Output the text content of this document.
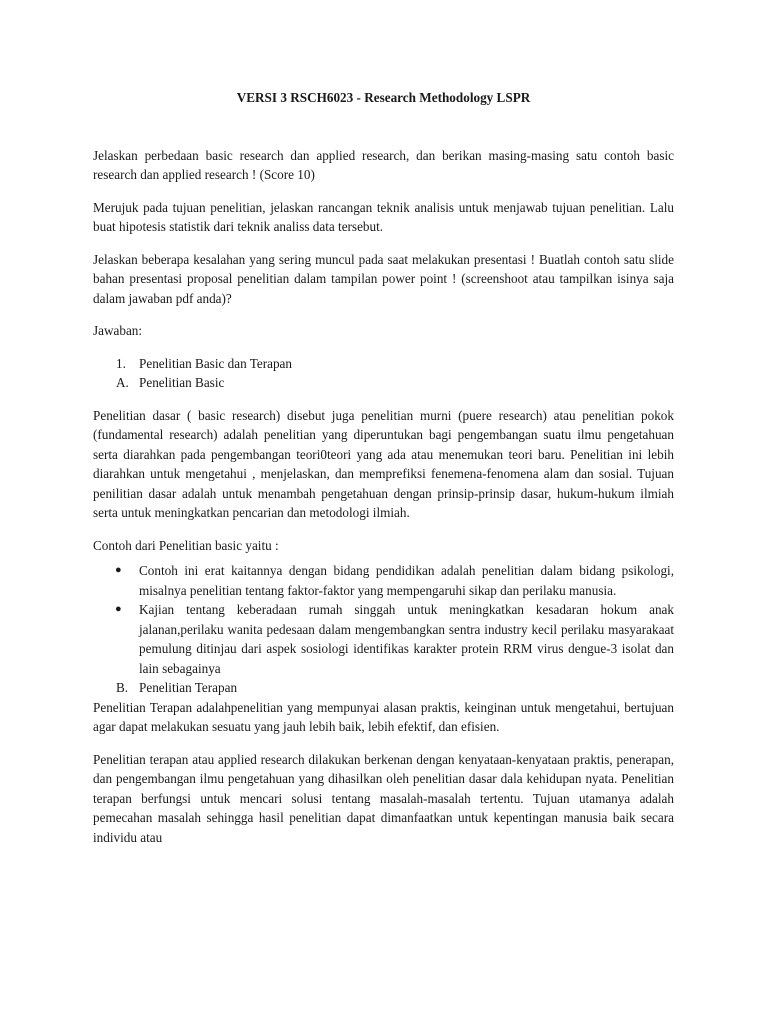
VERSI 3 RSCH6023 - Research Methodology LSPR

Jelaskan perbedaan basic research dan applied research, dan berikan masing-masing satu contoh basic research dan applied research ! (Score 10)

Merujuk pada tujuan penelitian, jelaskan rancangan teknik analisis untuk menjawab tujuan penelitian. Lalu buat hipotesis statistik dari teknik analiss data tersebut.

Jelaskan beberapa kesalahan yang sering muncul pada saat melakukan presentasi ! Buatlah contoh satu slide bahan presentasi proposal penelitian dalam tampilan power point ! (screenshoot atau tampilkan isinya saja dalam jawaban pdf anda)?

Jawaban:

1. Penelitian Basic dan Terapan
A. Penelitian Basic

Penelitian dasar ( basic research) disebut juga penelitian murni (puere research) atau penelitian pokok (fundamental research) adalah penelitian yang diperuntukan bagi pengembangan suatu ilmu pengetahuan serta diarahkan pada pengembangan teori0teori yang ada atau menemukan teori baru. Penelitian ini lebih diarahkan untuk mengetahui , menjelaskan, dan memprefiksi fenemena-fenomena alam dan sosial. Tujuan penilitian dasar adalah untuk menambah pengetahuan dengan prinsip-prinsip dasar, hukum-hukum ilmiah serta untuk meningkatkan pencarian dan metodologi ilmiah.

Contoh dari Penelitian basic yaitu :

● Contoh ini erat kaitannya dengan bidang pendidikan adalah penelitian dalam bidang psikologi, misalnya penelitian tentang faktor-faktor yang mempengaruhi sikap dan perilaku manusia.
● Kajian tentang keberadaan rumah singgah untuk meningkatkan kesadaran hokum anak jalanan,perilaku wanita pedesaan dalam mengembangkan sentra industry kecil perilaku masyarakaat pemulung ditinjau dari aspek sosiologi identifikas karakter protein RRM virus dengue-3 isolat dan lain sebagainya
B. Penelitian Terapan

Penelitian Terapan adalahpenelitian yang mempunyai alasan praktis, keinginan untuk mengetahui, bertujuan agar dapat melakukan sesuatu yang jauh lebih baik, lebih efektif, dan efisien.

Penelitian terapan atau applied research dilakukan berkenan dengan kenyataan-kenyataan praktis, penerapan, dan pengembangan ilmu pengetahuan yang dihasilkan oleh penelitian dasar dala kehidupan nyata. Penelitian terapan berfungsi untuk mencari solusi tentang masalah-masalah tertentu. Tujuan utamanya adalah pemecahan masalah sehingga hasil penelitian dapat dimanfaatkan untuk kepentingan manusia baik secara individu atau
